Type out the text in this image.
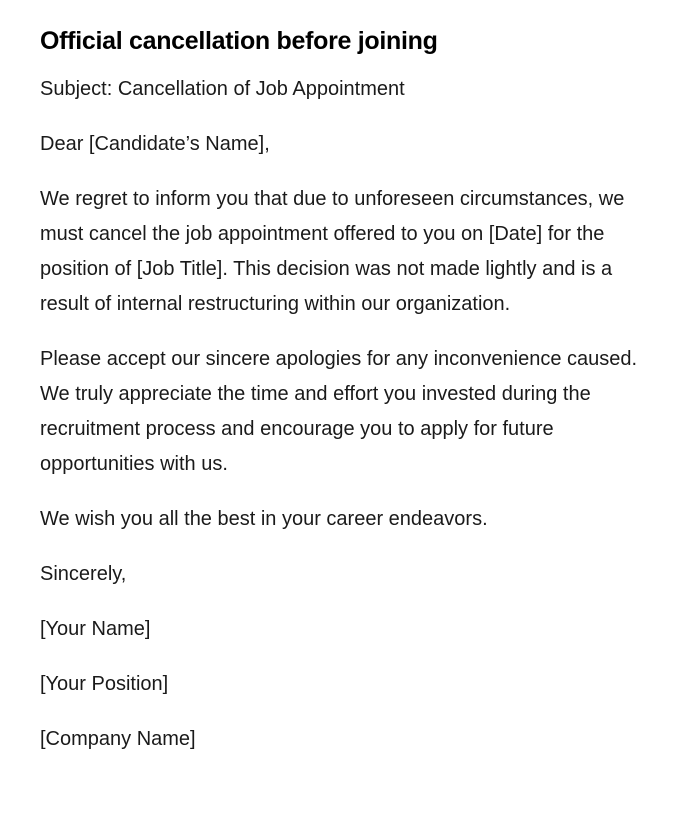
Official cancellation before joining

Subject: Cancellation of Job Appointment

Dear [Candidate’s Name],

We regret to inform you that due to unforeseen circumstances, we must cancel the job appointment offered to you on [Date] for the position of [Job Title]. This decision was not made lightly and is a result of internal restructuring within our organization.

Please accept our sincere apologies for any inconvenience caused. We truly appreciate the time and effort you invested during the recruitment process and encourage you to apply for future opportunities with us.

We wish you all the best in your career endeavors.

Sincerely,

[Your Name]

[Your Position]

[Company Name]
